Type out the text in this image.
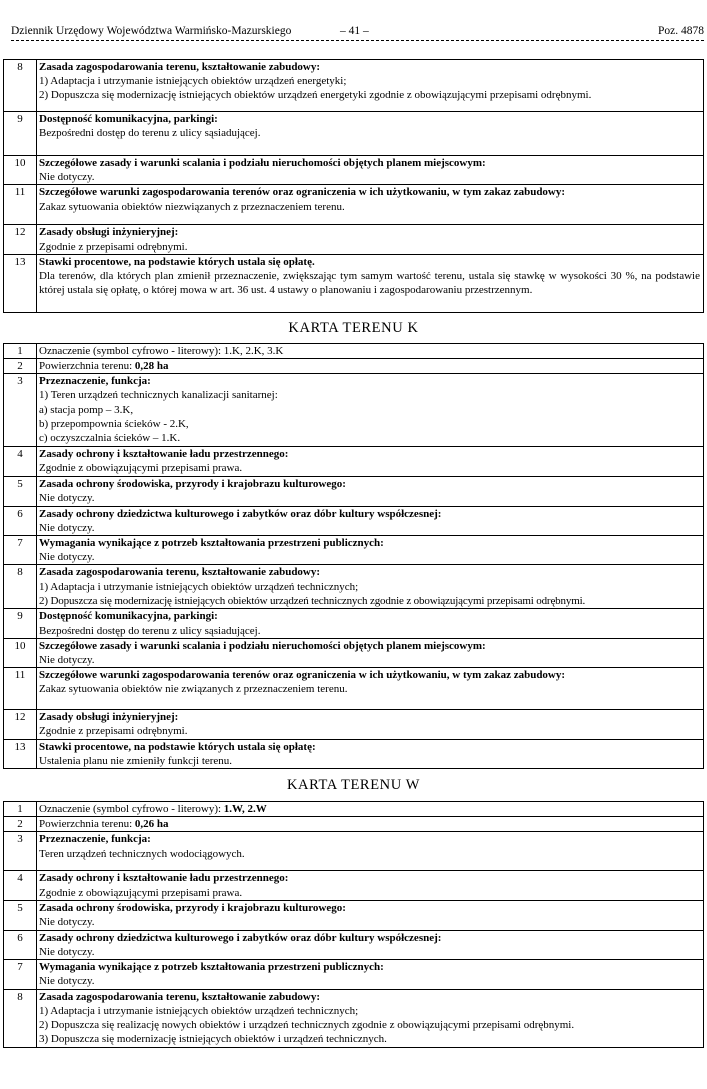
Dziennik Urzędowy Województwa Warmińsko-Mazurskiego	– 41 –	Poz. 4878
8	Zasada zagospodarowania terenu, kształtowanie zabudowy:
1) Adaptacja i utrzymanie istniejących obiektów urządzeń energetyki;
2) Dopuszcza się modernizację istniejących obiektów urządzeń energetyki zgodnie z obowiązującymi przepisami odrębnymi.

9	Dostępność komunikacyjna, parkingi:
Bezpośredni dostęp do terenu z ulicy sąsiadującej.

10	Szczegółowe zasady i warunki scalania i podziału nieruchomości objętych planem miejscowym:
Nie dotyczy.

11	Szczegółowe warunki zagospodarowania terenów oraz ograniczenia w ich użytkowaniu, w tym zakaz zabudowy:
Zakaz sytuowania obiektów niezwiązanych z przeznaczeniem terenu.

12	Zasady obsługi inżynieryjnej:
Zgodnie z przepisami odrębnymi.

13	Stawki procentowe, na podstawie których ustala się opłatę.
Dla terenów, dla których plan zmienił przeznaczenie, zwiększając tym samym wartość terenu, ustala się stawkę w wysokości 30 %, na podstawie której ustala się opłatę, o której mowa w art. 36 ust. 4 ustawy o planowaniu i zagospodarowaniu przestrzennym.
KARTA TERENU K
1	Oznaczenie (symbol cyfrowo - literowy): 1.K, 2.K, 3.K
2	Powierzchnia terenu: 0,28 ha
3	Przeznaczenie, funkcja:
1) Teren urządzeń technicznych kanalizacji sanitarnej:
a) stacja pomp – 3.K,
b) przepompownia ścieków - 2.K,
c) oczyszczalnia ścieków – 1.K.

4	Zasady ochrony i kształtowanie ładu przestrzennego:
Zgodnie z obowiązującymi przepisami prawa.

5	Zasada ochrony środowiska, przyrody i krajobrazu kulturowego:
Nie dotyczy.

6	Zasady ochrony dziedzictwa kulturowego i zabytków oraz dóbr kultury współczesnej:
Nie dotyczy.

7	Wymagania wynikające z potrzeb kształtowania przestrzeni publicznych:
Nie dotyczy.

8	Zasada zagospodarowania terenu, kształtowanie zabudowy:
1) Adaptacja i utrzymanie istniejących obiektów urządzeń technicznych;
2) Dopuszcza się modernizację istniejących obiektów urządzeń technicznych zgodnie z obowiązującymi przepisami odrębnymi.

9	Dostępność komunikacyjna, parkingi:
Bezpośredni dostęp do terenu z ulicy sąsiadującej.

10	Szczegółowe zasady i warunki scalania i podziału nieruchomości objętych planem miejscowym:
Nie dotyczy.

11	Szczegółowe warunki zagospodarowania terenów oraz ograniczenia w ich użytkowaniu, w tym zakaz zabudowy:
Zakaz sytuowania obiektów nie związanych z przeznaczeniem terenu.

12	Zasady obsługi inżynieryjnej:
Zgodnie z przepisami odrębnymi.

13	Stawki procentowe, na podstawie których ustala się opłatę:
Ustalenia planu nie zmieniły funkcji terenu.
KARTA TERENU W
1	Oznaczenie (symbol cyfrowo - literowy): 1.W, 2.W
2	Powierzchnia terenu: 0,26 ha
3	Przeznaczenie, funkcja:
Teren urządzeń technicznych wodociągowych.

4	Zasady ochrony i kształtowanie ładu przestrzennego:
Zgodnie z obowiązującymi przepisami prawa.

5	Zasada ochrony środowiska, przyrody i krajobrazu kulturowego:
Nie dotyczy.

6	Zasady ochrony dziedzictwa kulturowego i zabytków oraz dóbr kultury współczesnej:
Nie dotyczy.

7	Wymagania wynikające z potrzeb kształtowania przestrzeni publicznych:
Nie dotyczy.

8	Zasada zagospodarowania terenu, kształtowanie zabudowy:
1) Adaptacja i utrzymanie istniejących obiektów urządzeń technicznych;
2) Dopuszcza się realizację nowych obiektów i urządzeń technicznych zgodnie z obowiązującymi przepisami odrębnymi.
3) Dopuszcza się modernizację istniejących obiektów i urządzeń technicznych.
